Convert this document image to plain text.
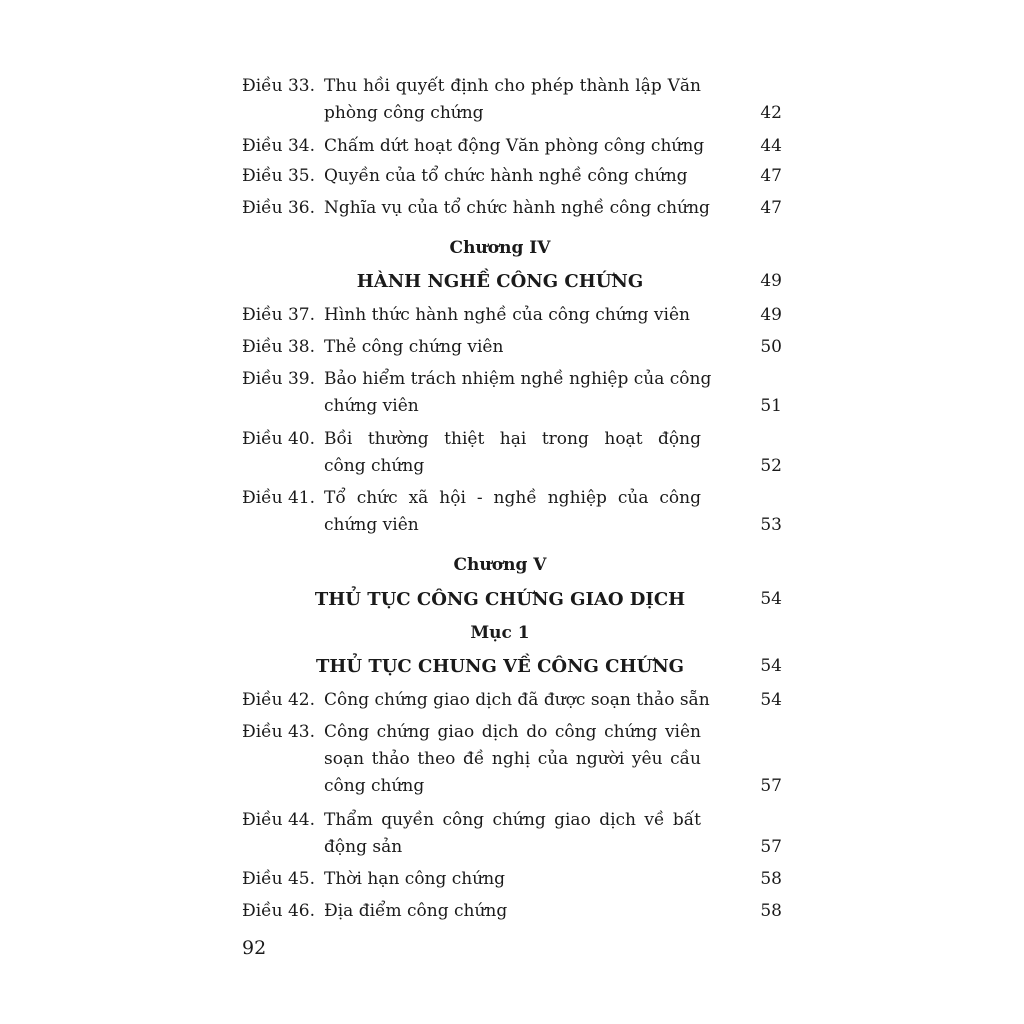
Điều 33. Thu hồi quyết định cho phép thành lập Văn
phòng công chứng	42
Điều 34. Chấm dứt hoạt động Văn phòng công chứng	44
Điều 35. Quyền của tổ chức hành nghề công chứng	47
Điều 36. Nghĩa vụ của tổ chức hành nghề công chứng	47
Chương IV
HÀNH NGHỀ CÔNG CHỨNG	49
Điều 37. Hình thức hành nghề của công chứng viên	49
Điều 38. Thẻ công chứng viên	50
Điều 39. Bảo hiểm trách nhiệm nghề nghiệp của công
chứng viên	51
Điều 40. Bồi thường thiệt hại trong hoạt động
công chứng	52
Điều 41. Tổ chức xã hội - nghề nghiệp của công
chứng viên	53
Chương V
THỦ TỤC CÔNG CHỨNG GIAO DỊCH	54
Mục 1
THỦ TỤC CHUNG VỀ CÔNG CHỨNG	54
Điều 42. Công chứng giao dịch đã được soạn thảo sẵn	54
Điều 43. Công chứng giao dịch do công chứng viên
soạn thảo theo đề nghị của người yêu cầu
công chứng	57
Điều 44. Thẩm quyền công chứng giao dịch về bất
động sản	57
Điều 45. Thời hạn công chứng	58
Điều 46. Địa điểm công chứng	58
92
